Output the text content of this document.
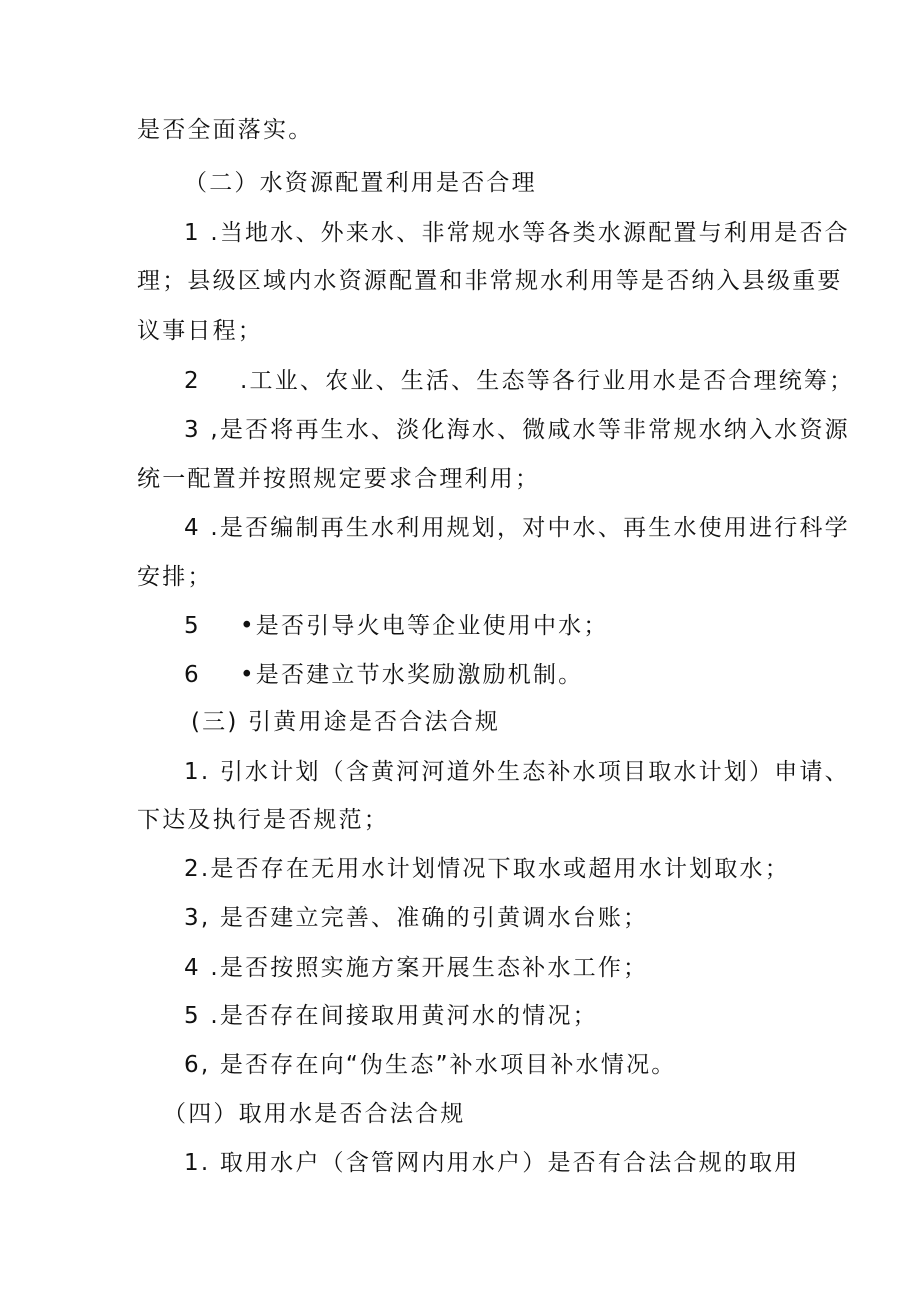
是否全面落实。
（二）水资源配置利用是否合理
1 .当地水、外来水、非常规水等各类水源配置与利用是否合
理；县级区域内水资源配置和非常规水利用等是否纳入县级重要
议事日程；
2 .工业、农业、生活、生态等各行业用水是否合理统筹；
3 ,是否将再生水、淡化海水、微咸水等非常规水纳入水资源
统一配置并按照规定要求合理利用；
4 .是否编制再生水利用规划，对中水、再生水使用进行科学
安排；
5 •是否引导火电等企业使用中水；
6 •是否建立节水奖励激励机制。
(三) 引黄用途是否合法合规
1. 引水计划（含黄河河道外生态补水项目取水计划）申请、
下达及执行是否规范；
2.是否存在无用水计划情况下取水或超用水计划取水；
3, 是否建立完善、准确的引黄调水台账；
4 .是否按照实施方案开展生态补水工作；
5 .是否存在间接取用黄河水的情况；
6, 是否存在向“伪生态”补水项目补水情况。
（四）取用水是否合法合规
1. 取用水户（含管网内用水户）是否有合法合规的取用
